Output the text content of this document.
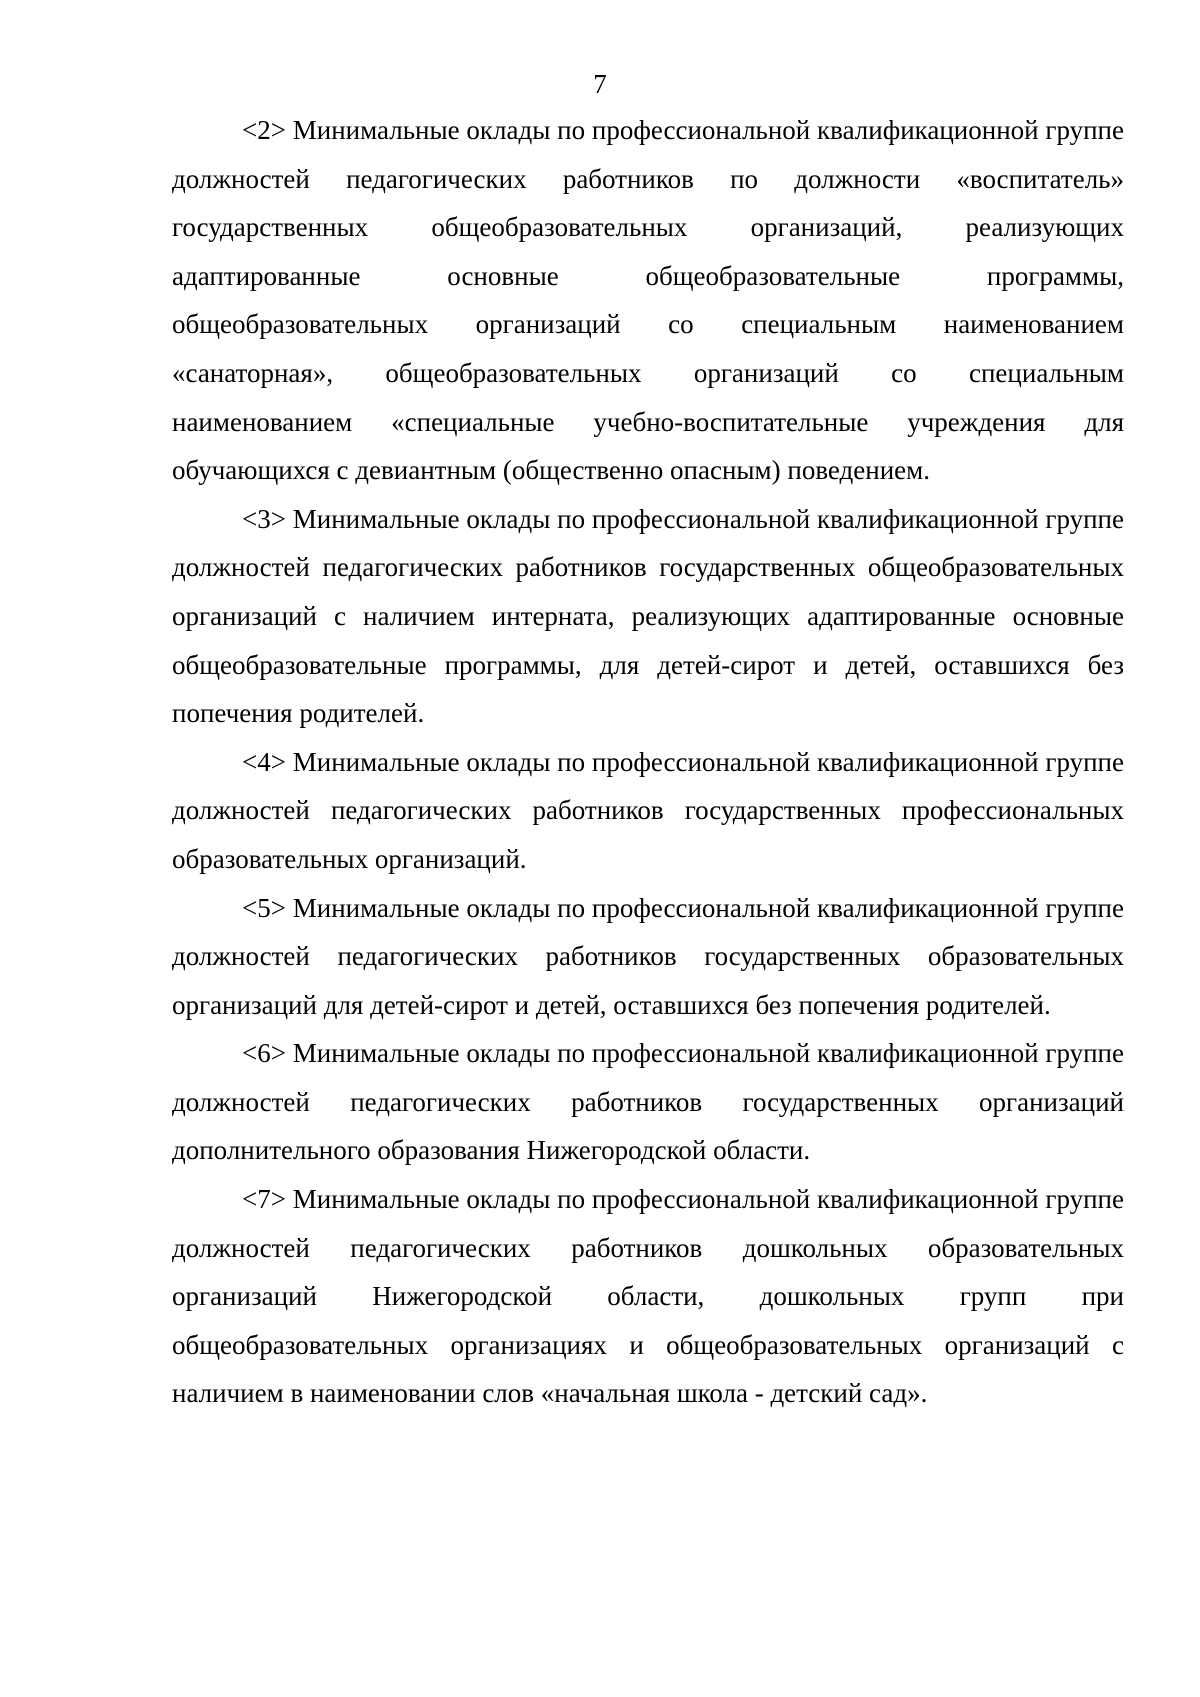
7

<2> Минимальные оклады по профессиональной квалификационной группе должностей педагогических работников по должности «воспитатель» государственных общеобразовательных организаций, реализующих адаптированные основные общеобразовательные программы, общеобразовательных организаций со специальным наименованием «санаторная», общеобразовательных организаций со специальным наименованием «специальные учебно-воспитательные учреждения для обучающихся с девиантным (общественно опасным) поведением.

<3> Минимальные оклады по профессиональной квалификационной группе должностей педагогических работников государственных общеобразовательных организаций с наличием интерната, реализующих адаптированные основные общеобразовательные программы, для детей-сирот и детей, оставшихся без попечения родителей.

<4> Минимальные оклады по профессиональной квалификационной группе должностей педагогических работников государственных профессиональных образовательных организаций.

<5> Минимальные оклады по профессиональной квалификационной группе должностей педагогических работников государственных образовательных организаций для детей-сирот и детей, оставшихся без попечения родителей.

<6> Минимальные оклады по профессиональной квалификационной группе должностей педагогических работников государственных организаций дополнительного образования Нижегородской области.

<7> Минимальные оклады по профессиональной квалификационной группе должностей педагогических работников дошкольных образовательных организаций Нижегородской области, дошкольных групп при общеобразовательных организациях и общеобразовательных организаций с наличием в наименовании слов «начальная школа - детский сад».
